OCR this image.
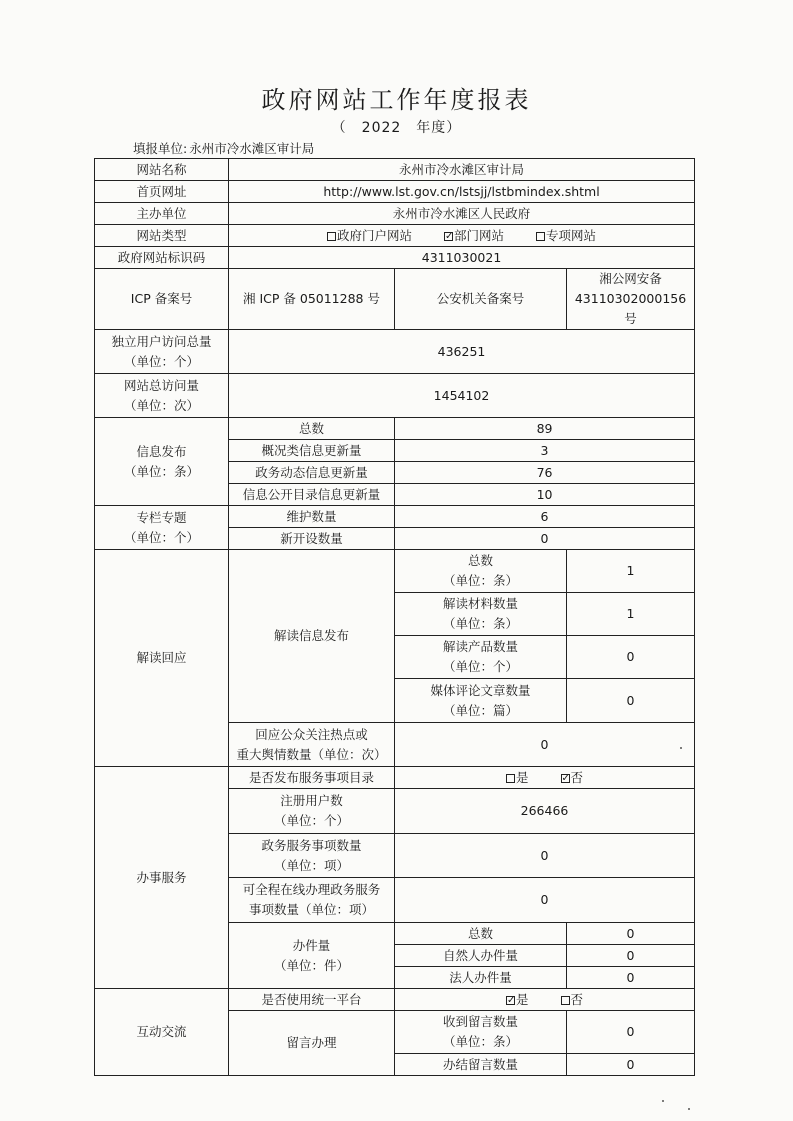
政府网站工作年度报表
（　2022　年度）
填报单位: 永州市冷水滩区审计局
网站名称	永州市冷水滩区审计局		
首页网址	http://www.lst.gov.cn/lstsjj/lstbmindex.shtml		
主办单位	永州市冷水滩区人民政府		
网站类型	政府门户网站 ✓ 部门网站 专项网站
政府网站标识码	4311030021		
ICP 备案号	湘 ICP 备 05011288 号	公安机关备案号	湘公网安备
43110302000156 号

独立用户访问总量
（单位：个）	436251		

网站总访问量
（单位：次）	1454102		

信息发布
（单位：条）	总数	89	
	概况类信息更新量	3	
	政务动态信息更新量	76	
	信息公开目录信息更新量	10	

专栏专题
（单位：个）	维护数量	6	
	新开设数量	0	
解读回应	解读信息发布	总数
（单位：条）	1

		解读材料数量
（单位：条）	1

		解读产品数量
（单位：个）	0

		媒体评论文章数量
（单位：篇）	0

	回应公众关注热点或
重大舆情数量（单位：次）	0	
办事服务	是否发布服务事项目录	是 ✓ 否

	注册用户数
（单位：个）	266466	

	政务服务事项数量
（单位：项）	0	

	可全程在线办理政务服务
事项数量（单位：项）	0	

	办件量
（单位：件）	总数	0
		自然人办件量	0
		法人办件量	0
互动交流	是否使用统一平台	✓是 否
	留言办理	收到留言数量
（单位：条）	0
		办结留言数量	0
